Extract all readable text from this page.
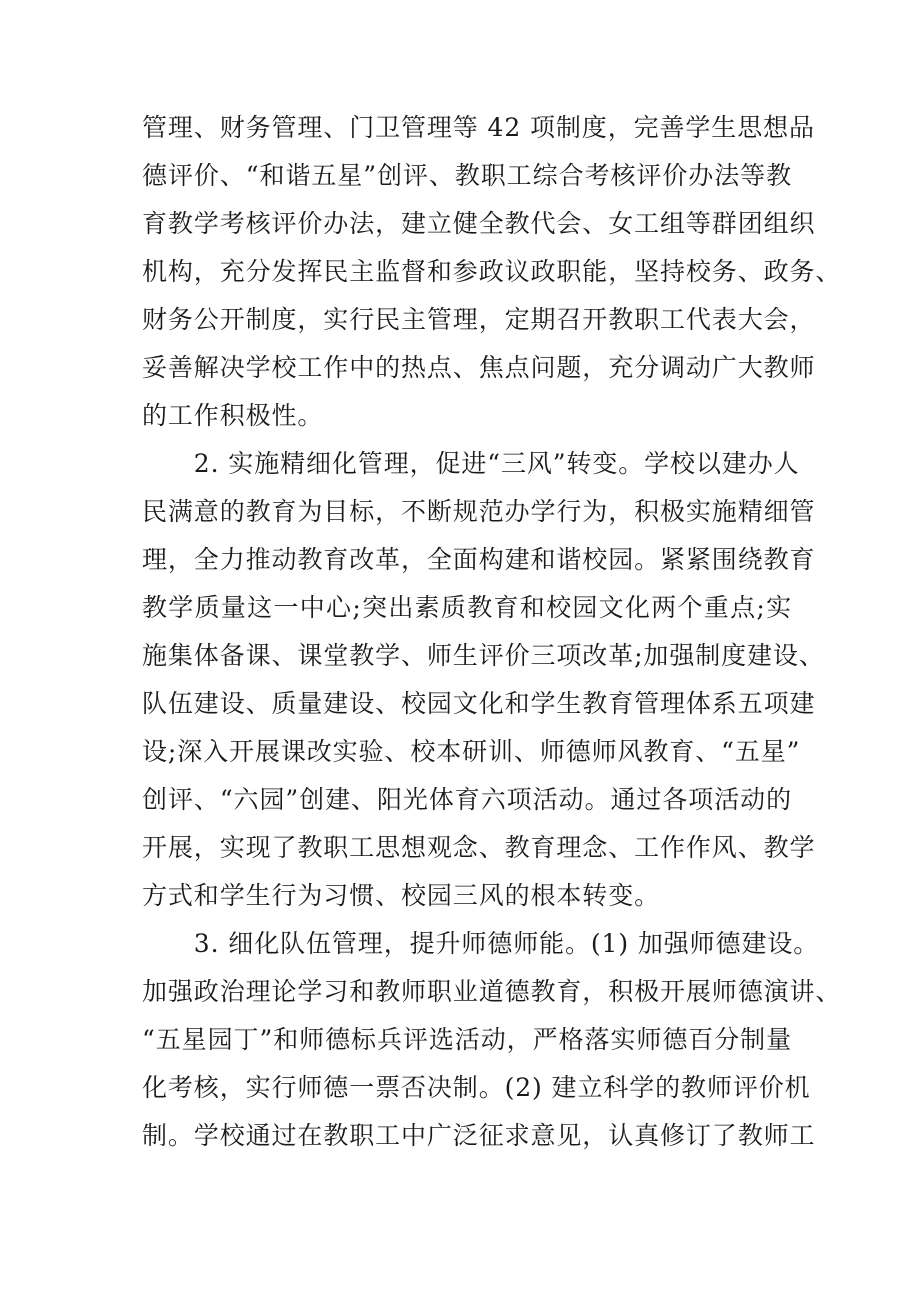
管理、财务管理、门卫管理等 42 项制度，完善学生思想品
德评价、“和谐五星”创评、教职工综合考核评价办法等教
育教学考核评价办法，建立健全教代会、女工组等群团组织
机构，充分发挥民主监督和参政议政职能，坚持校务、政务、
财务公开制度，实行民主管理，定期召开教职工代表大会，
妥善解决学校工作中的热点、焦点问题，充分调动广大教师
的工作积极性。
　　2. 实施精细化管理，促进“三风”转变。学校以建办人
民满意的教育为目标，不断规范办学行为，积极实施精细管
理，全力推动教育改革，全面构建和谐校园。紧紧围绕教育
教学质量这一中心;突出素质教育和校园文化两个重点;实
施集体备课、课堂教学、师生评价三项改革;加强制度建设、
队伍建设、质量建设、校园文化和学生教育管理体系五项建
设;深入开展课改实验、校本研训、师德师风教育、“五星”
创评、“六园”创建、阳光体育六项活动。通过各项活动的
开展，实现了教职工思想观念、教育理念、工作作风、教学
方式和学生行为习惯、校园三风的根本转变。
　　3. 细化队伍管理，提升师德师能。(1) 加强师德建设。
加强政治理论学习和教师职业道德教育，积极开展师德演讲、
“五星园丁”和师德标兵评选活动，严格落实师德百分制量
化考核，实行师德一票否决制。(2) 建立科学的教师评价机
制。学校通过在教职工中广泛征求意见，认真修订了教师工
